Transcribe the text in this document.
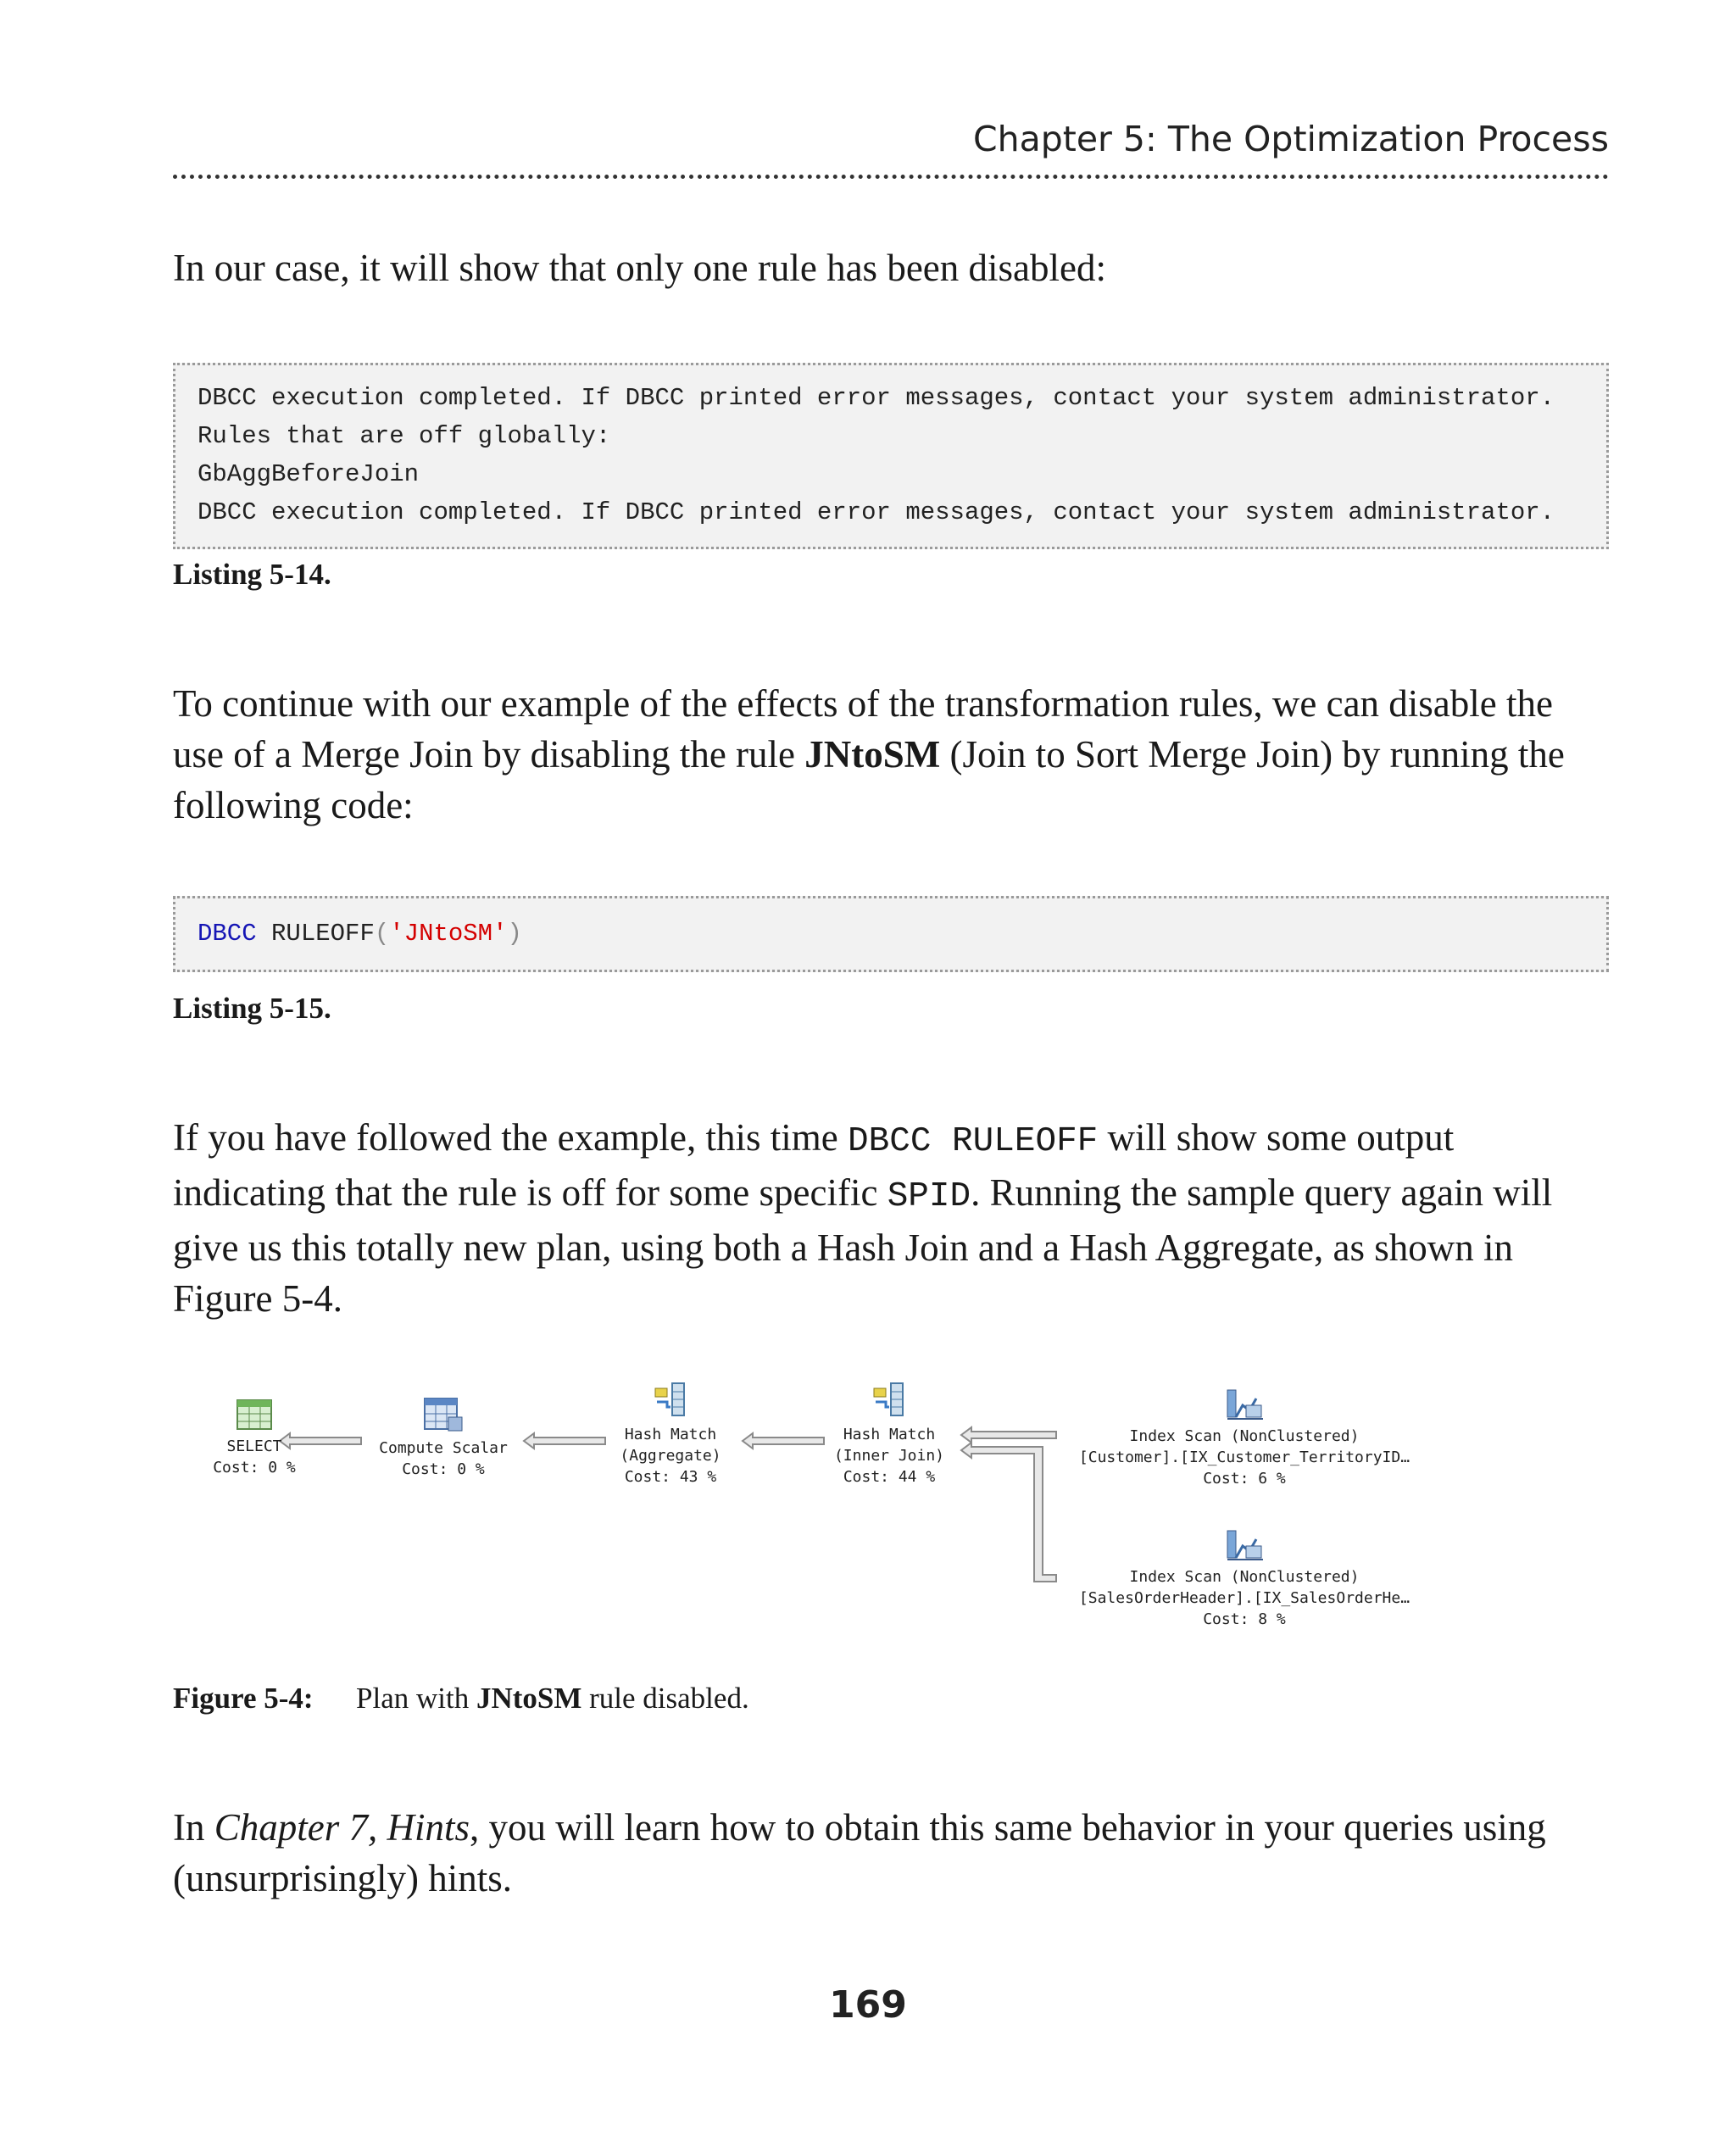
Chapter 5: The Optimization Process
In our case, it will show that only one rule has been disabled:
DBCC execution completed. If DBCC printed error messages, contact your system administrator.
Rules that are off globally:
GbAggBeforeJoin
DBCC execution completed. If DBCC printed error messages, contact your system administrator.
Listing 5-14.
To continue with our example of the effects of the transformation rules, we can disable the use of a Merge Join by disabling the rule JNtoSM (Join to Sort Merge Join) by running the following code:
DBCC RULEOFF('JNtoSM')
Listing 5-15.
If you have followed the example, this time DBCC RULEOFF will show some output indicating that the rule is off for some specific SPID. Running the sample query again will give us this totally new plan, using both a Hash Join and a Hash Aggregate, as shown in Figure 5-4.
SELECT
Cost: 0 %
Compute Scalar
Cost: 0 %
Hash Match
(Aggregate)
Cost: 43 %
Hash Match
(Inner Join)
Cost: 44 %
Index Scan (NonClustered)
[Customer].[IX_Customer_TerritoryID…
Cost: 6 %
Index Scan (NonClustered)
[SalesOrderHeader].[IX_SalesOrderHe…
Cost: 8 %
Figure 5-4: Plan with JNtoSM rule disabled.
In Chapter 7, Hints, you will learn how to obtain this same behavior in your queries using (unsurprisingly) hints.
169
